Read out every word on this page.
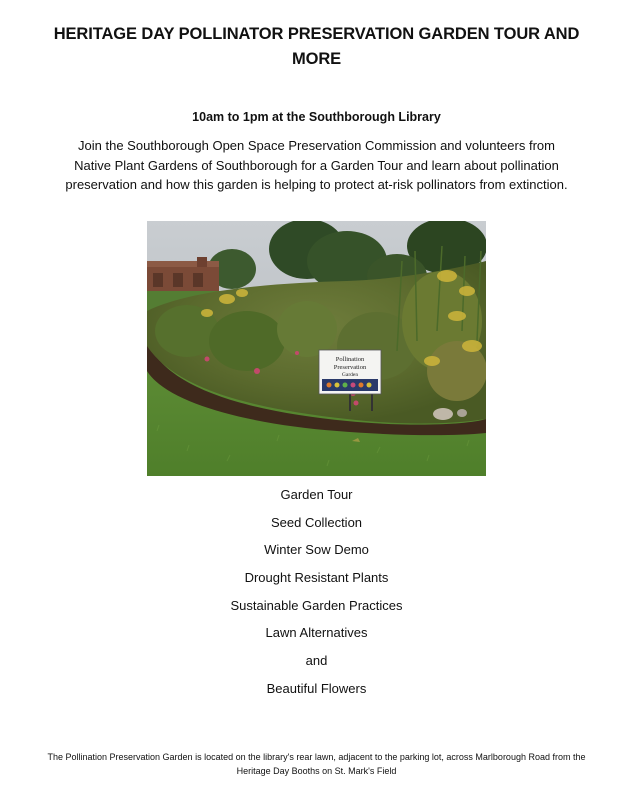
HERITAGE DAY POLLINATOR PRESERVATION GARDEN TOUR AND MORE
10am to 1pm at the Southborough Library
Join the Southborough Open Space Preservation Commission and volunteers from Native Plant Gardens of Southborough for a Garden Tour and learn about pollination preservation and how this garden is helping to protect at-risk pollinators from extinction.
Pollination
Preservation
Garden
Garden Tour
Seed Collection
Winter Sow Demo
Drought Resistant Plants
Sustainable Garden Practices
Lawn Alternatives
and
Beautiful Flowers
The Pollination Preservation Garden is located on the library's rear lawn, adjacent to the parking lot, across Marlborough Road from the Heritage Day Booths on St. Mark's Field
